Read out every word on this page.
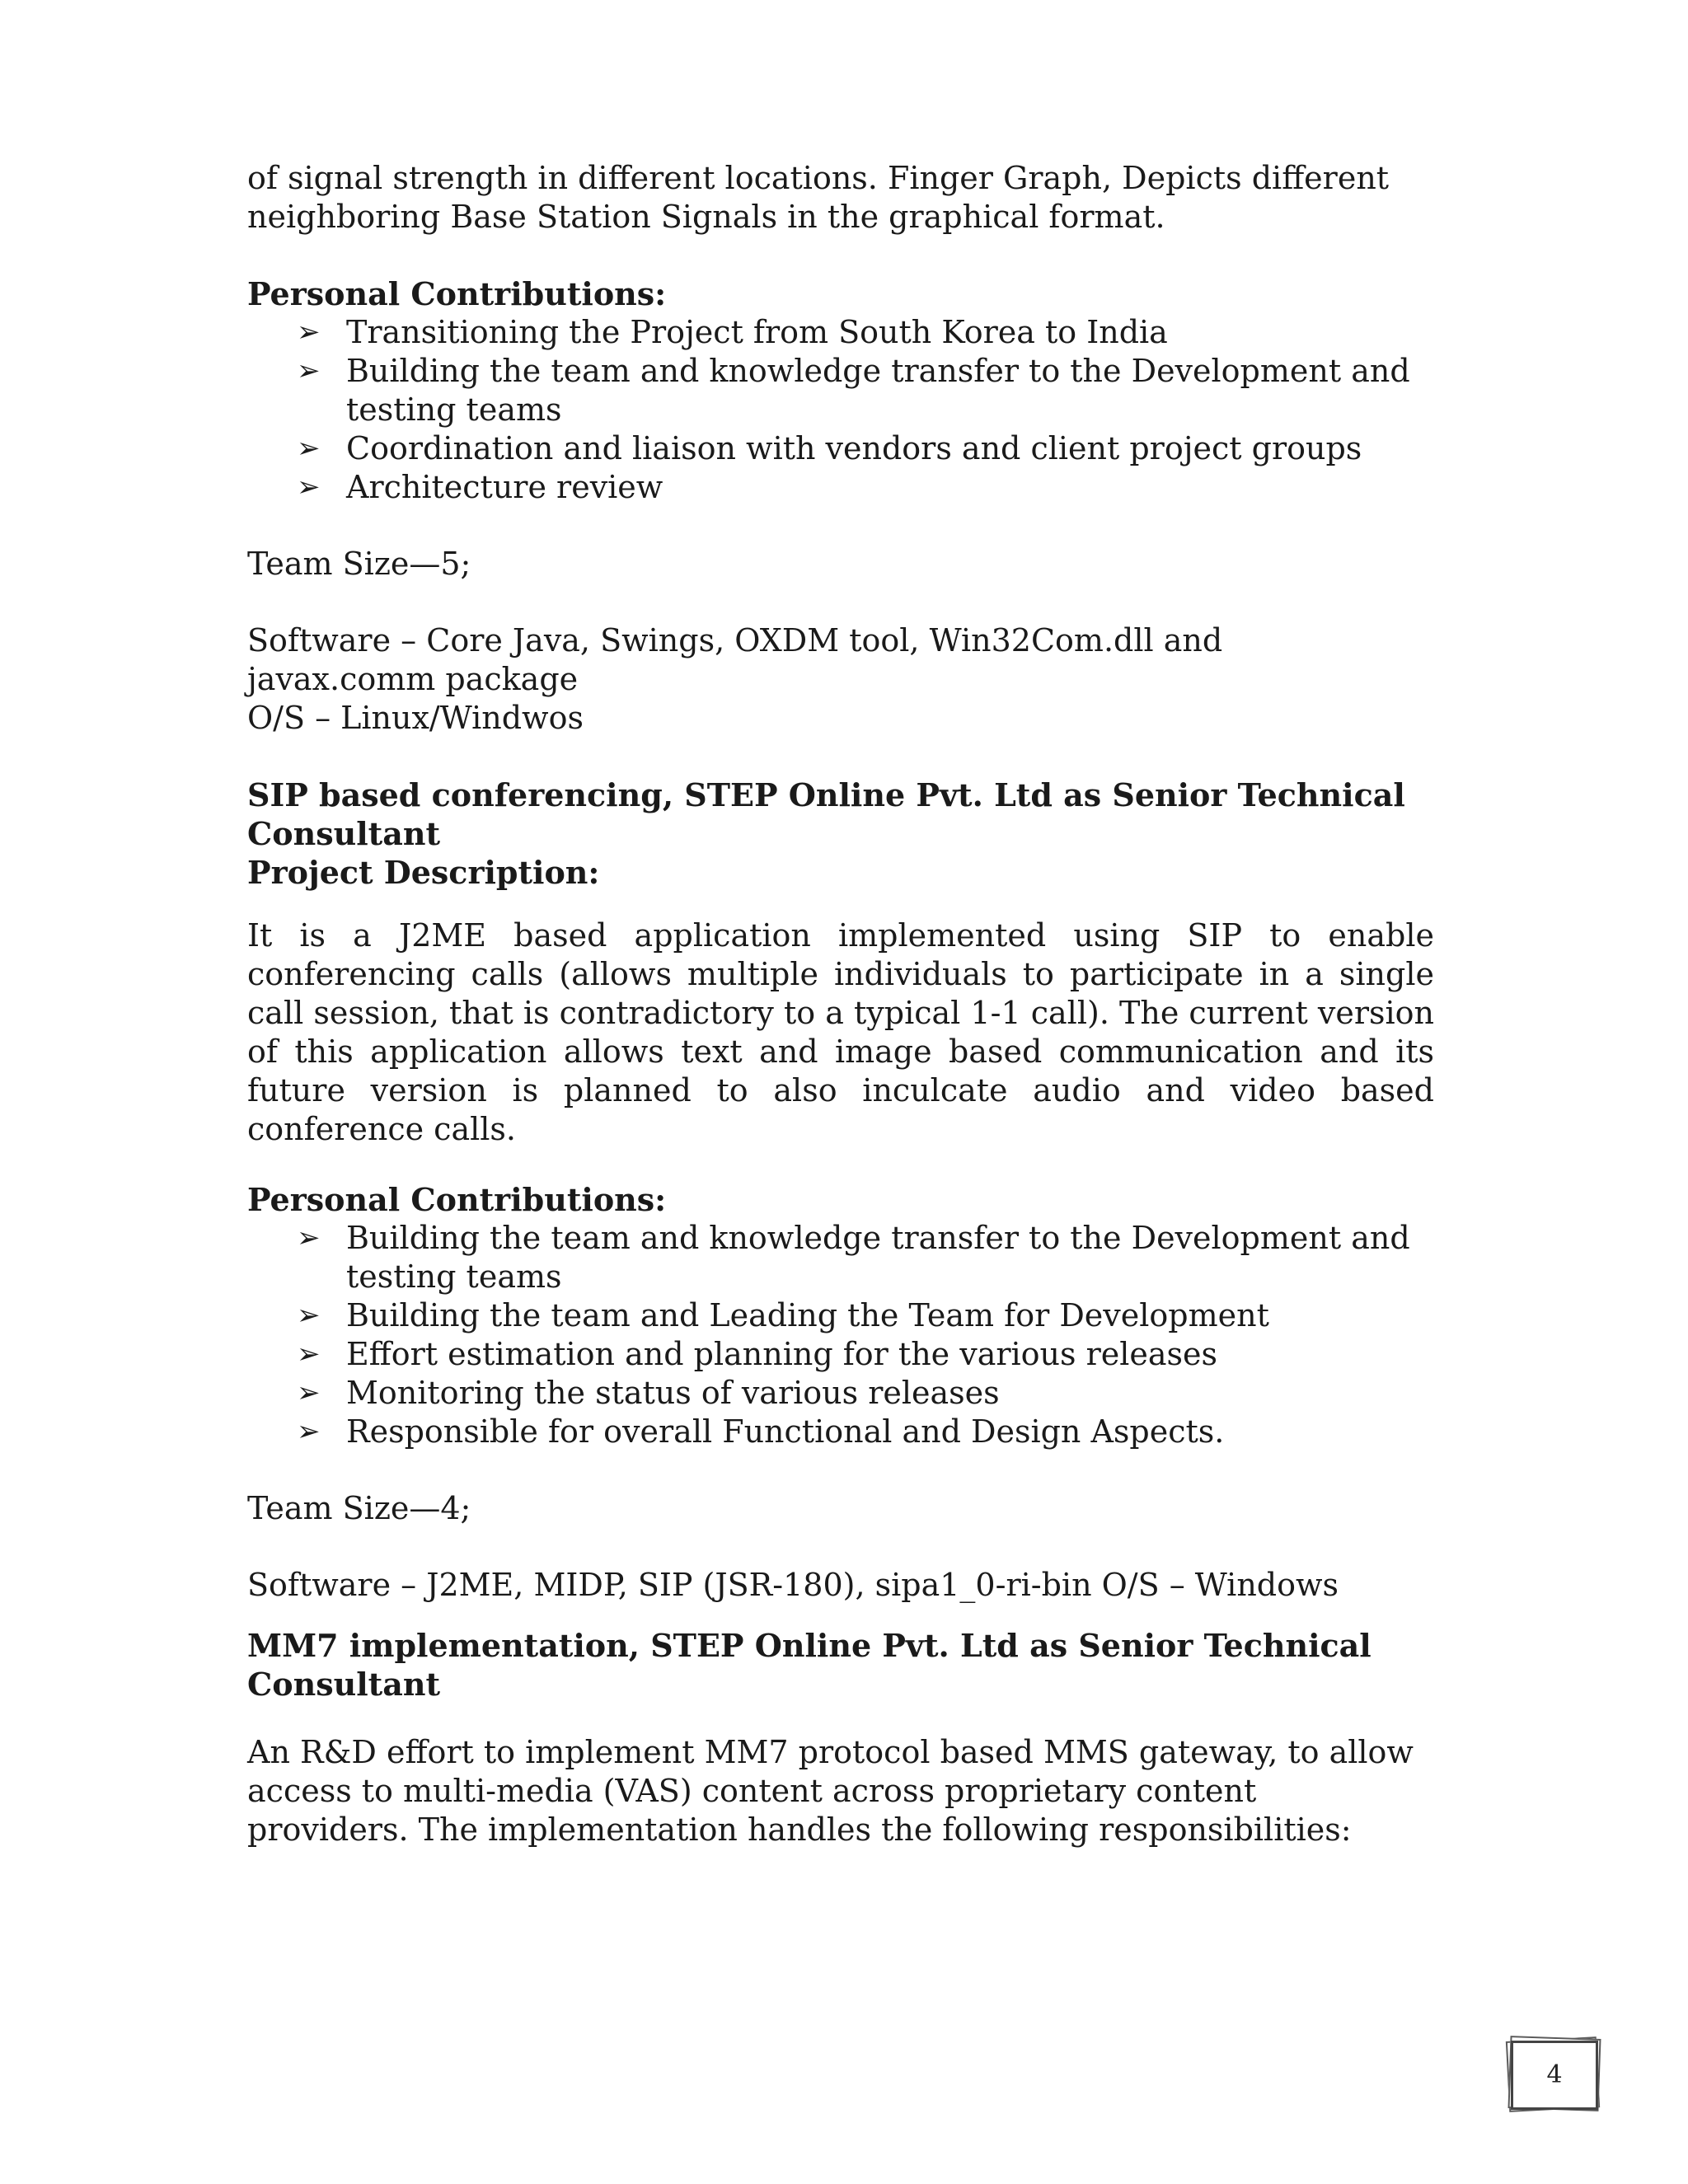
of signal strength in different locations. Finger Graph, Depicts different

neighboring Base Station Signals in the graphical format.

Personal Contributions:

➢ Transitioning the Project from South Korea to India
➢ Building the team and knowledge transfer to the Development and testing teams
➢ Coordination and liaison with vendors and client project groups
➢ Architecture review

Team Size—5;

Software – Core Java, Swings, OXDM tool, Win32Com.dll and

javax.comm package

O/S – Linux/Windwos

SIP based conferencing, STEP Online Pvt. Ltd as Senior Technical Consultant

Project Description:

It is a J2ME based application implemented using SIP to enable conferencing calls (allows multiple individuals to participate in a single call session, that is contradictory to a typical 1-1 call). The current version of this application allows text and image based communication and its future version is planned to also inculcate audio and video based conference calls.

Personal Contributions:

➢ Building the team and knowledge transfer to the Development and testing teams
➢ Building the team and Leading the Team for Development
➢ Effort estimation and planning for the various releases
➢ Monitoring the status of various releases
➢ Responsible for overall Functional and Design Aspects.

Team Size—4;

Software – J2ME, MIDP, SIP (JSR-180), sipa1_0-ri-bin O/S – Windows

MM7 implementation, STEP Online Pvt. Ltd as Senior Technical Consultant

An R&D effort to implement MM7 protocol based MMS gateway, to allow

access to multi-media (VAS) content across proprietary content

providers. The implementation handles the following responsibilities:

4
